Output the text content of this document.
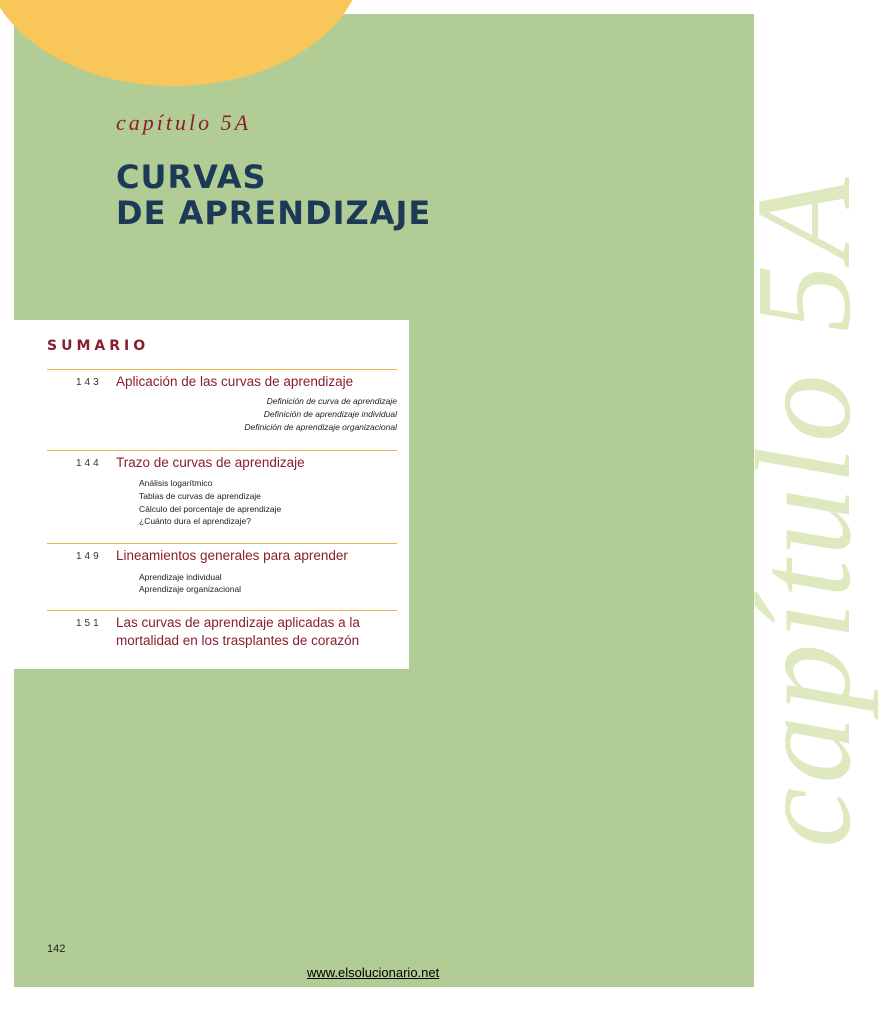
capítulo 5A
CURVAS
DE APRENDIZAJE capítulo 5A
SUMARIO
143 Aplicación de las curvas de aprendizaje
Definición de curva de aprendizaje
Definición de aprendizaje individual
Definición de aprendizaje organizacional
144 Trazo de curvas de aprendizaje
Análisis logarítmico
Tablas de curvas de aprendizaje
Cálculo del porcentaje de aprendizaje
¿Cuánto dura el aprendizaje?
149 Lineamientos generales para aprender
Aprendizaje individual
Aprendizaje organizacional
151 Las curvas de aprendizaje aplicadas a la mortalidad en los trasplantes de corazón
142
www.elsolucionario.net
